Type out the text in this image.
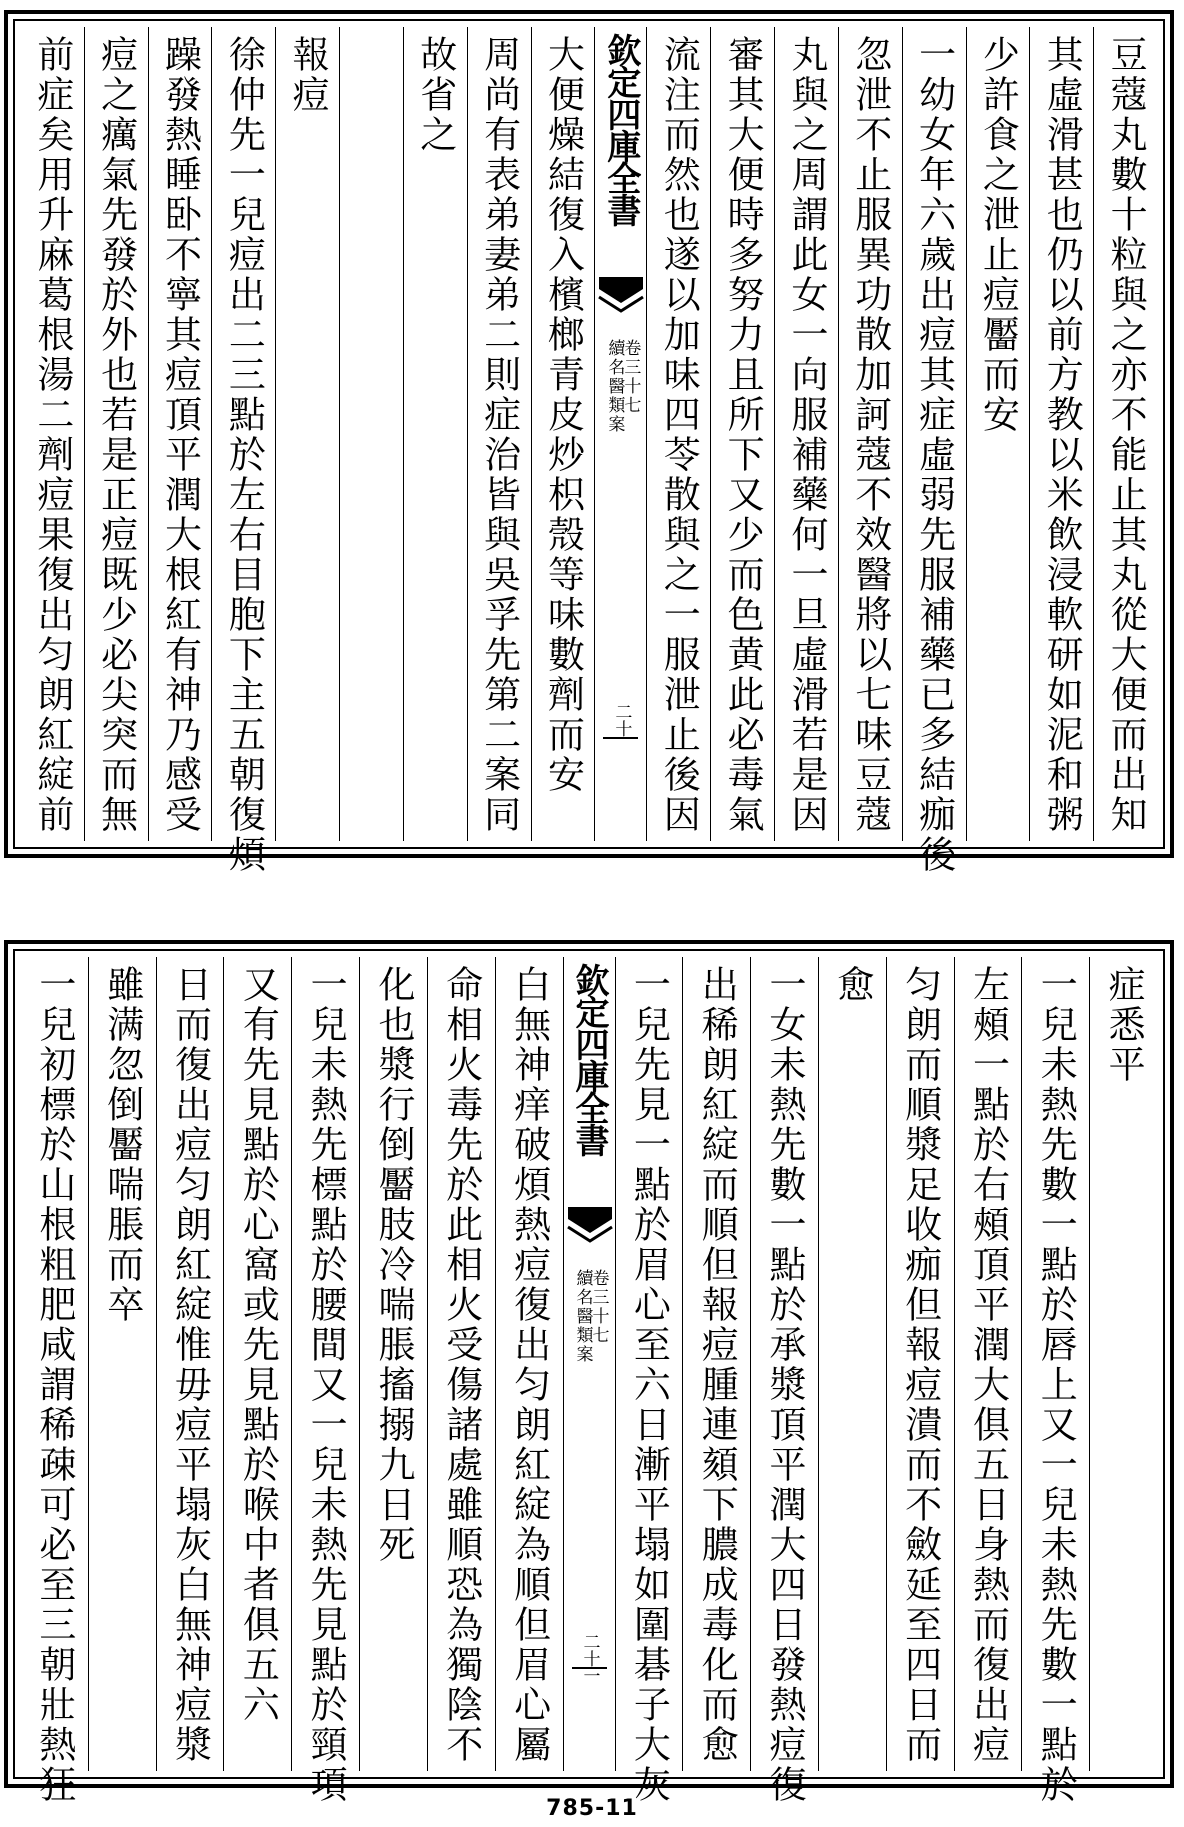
豆蔻丸數十粒與之亦不能止其丸從大便而出知
其虛滑甚也仍以前方教以米飲浸軟研如泥和粥
少許食之泄止痘靨而安
一幼女年六歲出痘其症虛弱先服補藥已多結痂後
忽泄不止服異功散加訶蔻不效醫將以七味豆蔻
丸與之周謂此女一向服補藥何一旦虛滑若是因
審其大便時多努力且所下又少而色黄此必毒氣
流注而然也遂以加味四苓散與之一服泄止後因
欽定四庫全書
續名醫類案
卷三十七
二十
大便燥結復入檳榔青皮炒枳殼等味數劑而安
周尚有表弟妻弟二則症治皆與吳孚先第二案同
故省之
報痘
徐仲先一兒痘出二三點於左右目胞下主五朝復煩
躁發熱睡卧不寧其痘頂平潤大根紅有神乃感受
痘之癘氣先發於外也若是正痘既少必尖突而無
前症矣用升麻葛根湯二劑痘果復出匀朗紅綻前
症悉平
一兒未熱先數一點於唇上又一兒未熱先數一點於
左頰一點於右頰頂平潤大俱五日身熱而復出痘
匀朗而順漿足收痂但報痘潰而不斂延至四日而
愈
一女未熱先數一點於承漿頂平潤大四日發熱痘復
出稀朗紅綻而順但報痘腫連頦下膿成毒化而愈
一兒先見一點於眉心至六日漸平塌如圍碁子大灰
欽定四庫全書
續名醫類案
卷三十七
二十一
白無神痒破煩熱痘復出匀朗紅綻為順但眉心屬
命相火毒先於此相火受傷諸處雖順恐為獨陰不
化也漿行倒靨肢冷喘脹搐搦九日死
一兒未熱先標點於腰間又一兒未熱先見點於頸項
又有先見點於心窩或先見點於喉中者俱五六
日而復出痘匀朗紅綻惟毋痘平塌灰白無神痘漿
雖满忽倒靨喘脹而卒
一兒初標於山根粗肥咸謂稀疎可必至三朝壯熱狂
785-11
